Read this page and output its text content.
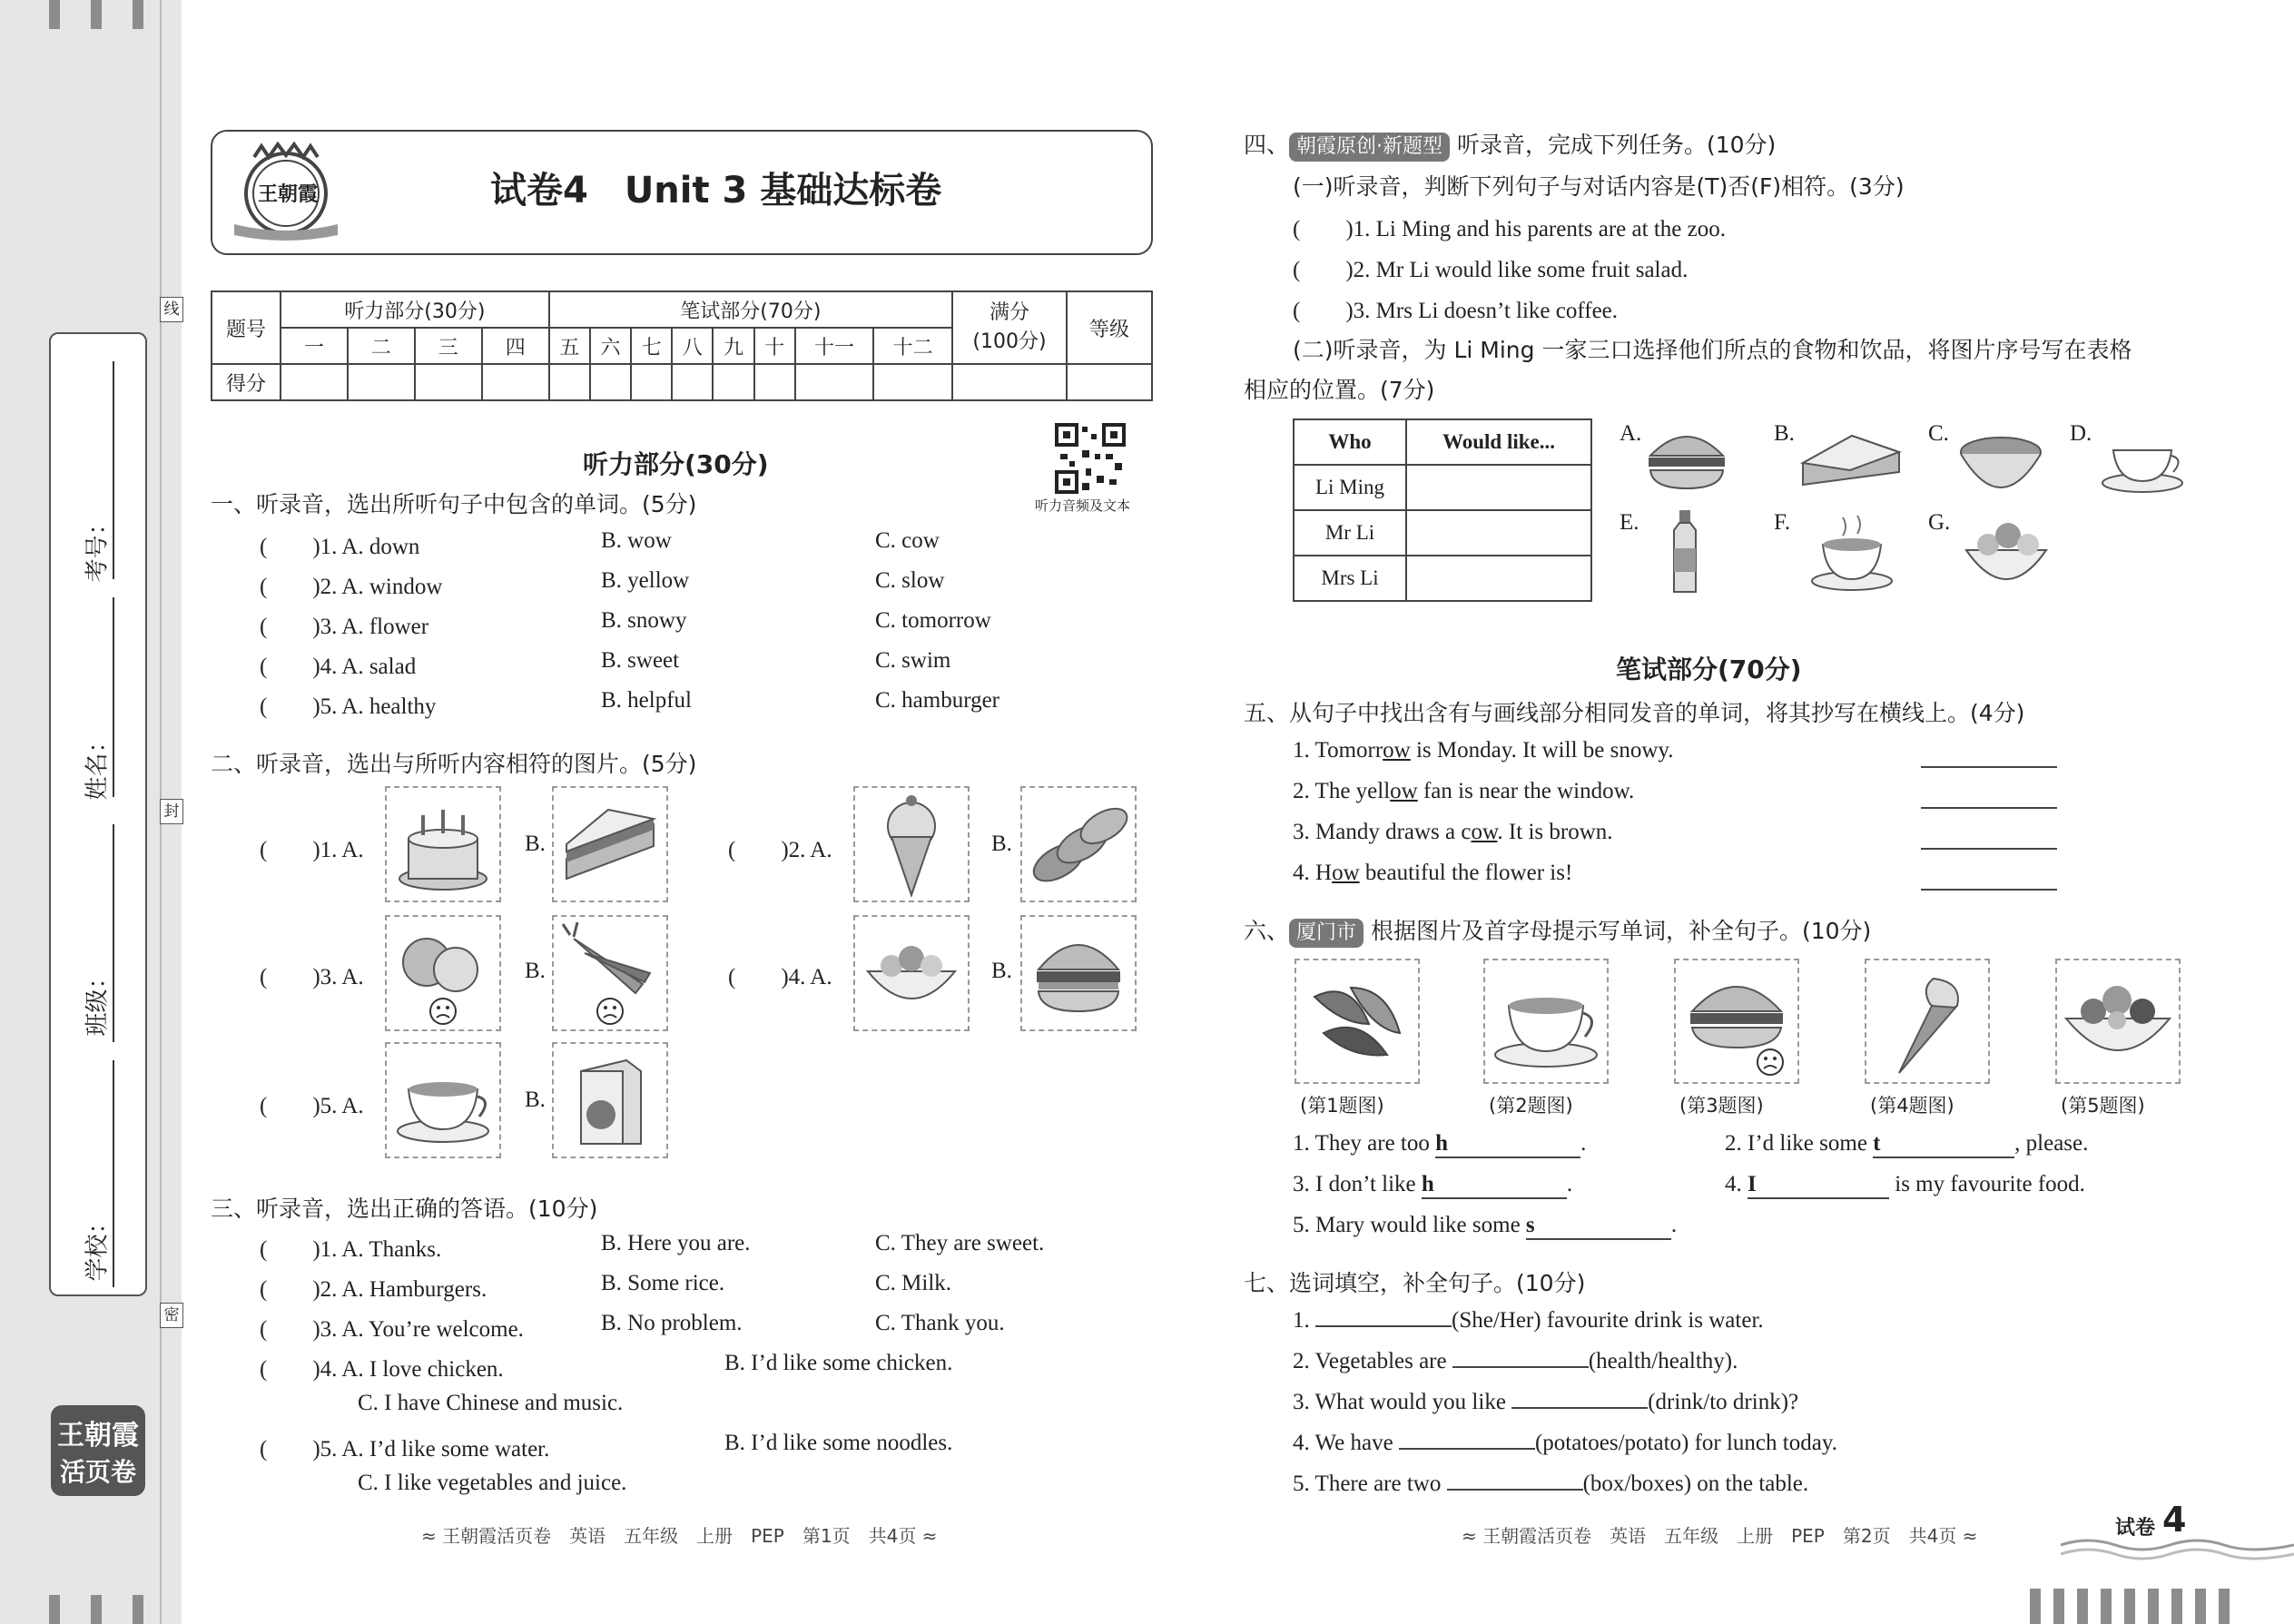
线
封
密
考号：
姓名：
班级：
学校：
王朝霞
活页卷
王朝霞	试卷4　Unit 3 基础达标卷
题号	听力部分(30分)				笔试部分(70分)								满分
(100分)	等级
	一	二	三	四	五	六	七	八	九	十	十一	十二		
得分														
听力部分(30分)
听力音频及文本
一、听录音，选出所听句子中包含的单词。(5分)
(　　)1. A. down	B. wow	C. cow
(　　)2. A. window	B. yellow	C. slow
(　　)3. A. flower	B. snowy	C. tomorrow
(　　)4. A. salad	B. sweet	C. swim
(　　)5. A. healthy	B. helpful	C. hamburger
二、听录音，选出与所听内容相符的图片。(5分)
(　　)1. A.	B.	(　　)2. A.	B.
(　　)3. A.	B.	(　　)4. A.	B.
(　　)5. A.	B.
三、听录音，选出正确的答语。(10分)
(　　)1. A. Thanks.	B. Here you are.	C. They are sweet.
(　　)2. A. Hamburgers.	B. Some rice.	C. Milk.
(　　)3. A. You’re welcome.	B. No problem.	C. Thank you.
(　　)4. A. I love chicken.	B. I’d like some chicken.
C. I have Chinese and music.
(　　)5. A. I’d like some water.	B. I’d like some noodles.
C. I like vegetables and juice.
四、 朝霞原创·新题型 听录音，完成下列任务。(10分)
(一)听录音，判断下列句子与对话内容是(T)否(F)相符。(3分)
(　　)1. Li Ming and his parents are at the zoo.
(　　)2. Mr Li would like some fruit salad.
(　　)3. Mrs Li doesn’t like coffee.
(二)听录音，为 Li Ming 一家三口选择他们所点的食物和饮品，将图片序号写在表格
相应的位置。(7分)
Who	Would like...
Li Ming	
Mr Li	
Mrs Li	
A.	B.	C.	D.
E.	F.	G.
笔试部分(70分)
五、从句子中找出含有与画线部分相同发音的单词，将其抄写在横线上。(4分)
1. Tomorrow is Monday. It will be snowy.
2. The yellow fan is near the window.
3. Mandy draws a cow. It is brown.
4. How beautiful the flower is!
六、 厦门市 根据图片及首字母提示写单词，补全句子。(10分)
(第1题图)	(第2题图)	(第3题图)	(第4题图)	(第5题图)
1. They are too h	.	2. I’d like some t	, please.
3. I don’t like h	.	4. I	is my favourite food.
5. Mary would like some s	.
七、选词填空，补全句子。(10分)
1.	(She/Her) favourite drink is water.
2. Vegetables are	(health/healthy).
3. What would you like	(drink/to drink)?
4. We have	(potatoes/potato) for lunch today.
5. There are two	(box/boxes) on the table.
≈ 王朝霞活页卷　英语　五年级　上册　PEP　第1页　共4页 ≈	≈ 王朝霞活页卷　英语　五年级　上册　PEP　第2页　共4页 ≈	试卷 4
